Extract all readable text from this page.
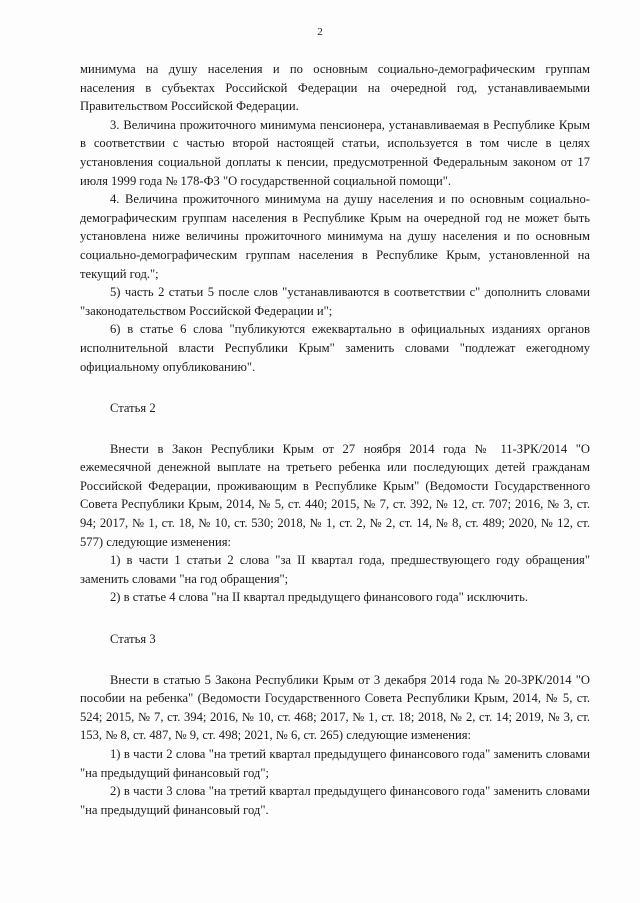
2

минимума на душу населения и по основным социально-демографическим группам населения в субъектах Российской Федерации на очередной год, устанавливаемыми Правительством Российской Федерации.

3. Величина прожиточного минимума пенсионера, устанавливаемая в Республике Крым в соответствии с частью второй настоящей статьи, используется в том числе в целях установления социальной доплаты к пенсии, предусмотренной Федеральным законом от 17 июля 1999 года № 178-ФЗ "О государственной социальной помощи".

4. Величина прожиточного минимума на душу населения и по основным социально-демографическим группам населения в Республике Крым на очередной год не может быть установлена ниже величины прожиточного минимума на душу населения и по основным социально-демографическим группам населения в Республике Крым, установленной на текущий год.";

5) часть 2 статьи 5 после слов "устанавливаются в соответствии с" дополнить словами "законодательством Российской Федерации и";

6) в статье 6 слова "публикуются ежеквартально в официальных изданиях органов исполнительной власти Республики Крым" заменить словами "подлежат ежегодному официальному опубликованию".

Статья 2

Внести в Закон Республики Крым от 27 ноября 2014 года № 11-ЗРК/2014 "О ежемесячной денежной выплате на третьего ребенка или последующих детей гражданам Российской Федерации, проживающим в Республике Крым" (Ведомости Государственного Совета Республики Крым, 2014, № 5, ст. 440; 2015, № 7, ст. 392, № 12, ст. 707; 2016, № 3, ст. 94; 2017, № 1, ст. 18, № 10, ст. 530; 2018, № 1, ст. 2, № 2, ст. 14, № 8, ст. 489; 2020, № 12, ст. 577) следующие изменения:

1) в части 1 статьи 2 слова "за II квартал года, предшествующего году обращения" заменить словами "на год обращения";

2) в статье 4 слова "на II квартал предыдущего финансового года" исключить.

Статья 3

Внести в статью 5 Закона Республики Крым от 3 декабря 2014 года № 20-ЗРК/2014 "О пособии на ребенка" (Ведомости Государственного Совета Республики Крым, 2014, № 5, ст. 524; 2015, № 7, ст. 394; 2016, № 10, ст. 468; 2017, № 1, ст. 18; 2018, № 2, ст. 14; 2019, № 3, ст. 153, № 8, ст. 487, № 9, ст. 498; 2021, № 6, ст. 265) следующие изменения:

1) в части 2 слова "на третий квартал предыдущего финансового года" заменить словами "на предыдущий финансовый год";

2) в части 3 слова "на третий квартал предыдущего финансового года" заменить словами "на предыдущий финансовый год".
